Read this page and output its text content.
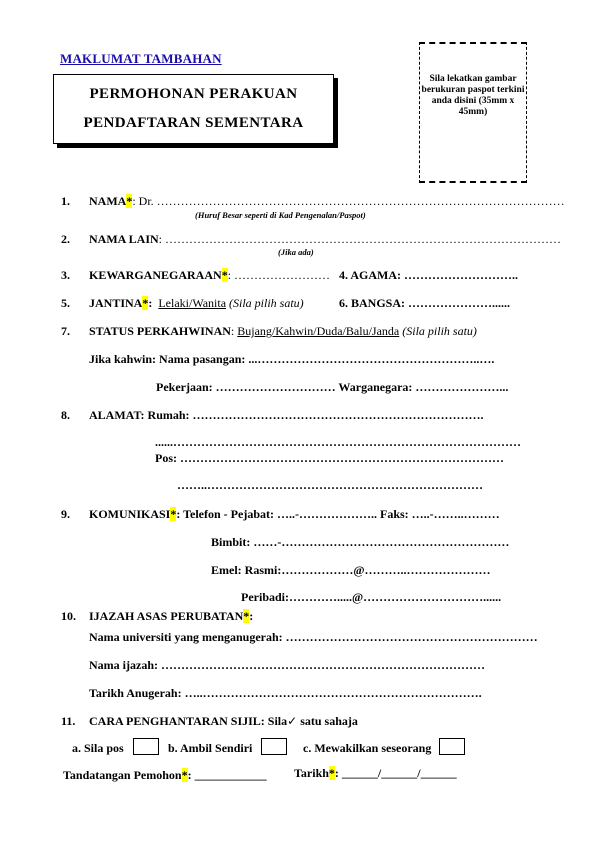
MAKLUMAT TAMBAHAN
PERMOHONAN PERAKUAN
PENDAFTARAN SEMENTARA
Sila lekatkan gambar berukuran paspot terkini anda disini (35mm x 45mm)
1. NAMA*: Dr. …………………………………………………………………………………………
(Huruf Besar seperti di Kad Pengenalan/Paspot)
2. NAMA LAIN: ………………………………………………………………………………………
(Jika ada)
3. KEWARGANEGARAAN*: …………………… 4. AGAMA: ………………………..
5. JANTINA*: Lelaki/Wanita (Sila pilih satu)	6. BANGSA: …………………......
7. STATUS PERKAHWINAN: Bujang/Kahwin/Duda/Balu/Janda (Sila pilih satu)
Jika kahwin: Nama pasangan: ...………………………………………………..….
Pekerjaan: ………………………… Warganegara: …………………...
8. ALAMAT: Rumah: ……………………………………………………………….
......……………………………………………………………………………
Pos: ………………………………………………………………………
……..……………………………………………………………
9. KOMUNIKASI*: Telefon - Pejabat: …..-……………….. Faks: …..-……..………
Bimbit: ……-…………………………………………………
Emel: Rasmi:………………@………..…………………
Peribadi:………….....@…………………………......
10. IJAZAH ASAS PERUBATAN*:
Nama universiti yang menganugerah: ………………………………………………………
Nama ijazah: ………………………………………………………………………
Tarikh Anugerah: …..…………………………………………………………….
11. CARA PENGHANTARAN SIJIL: Sila✓ satu sahaja
a. Sila pos	b. Ambil Sendiri	c. Mewakilkan seseorang
Tandatangan Pemohon*: ____________ Tarikh*: ______/______/______
